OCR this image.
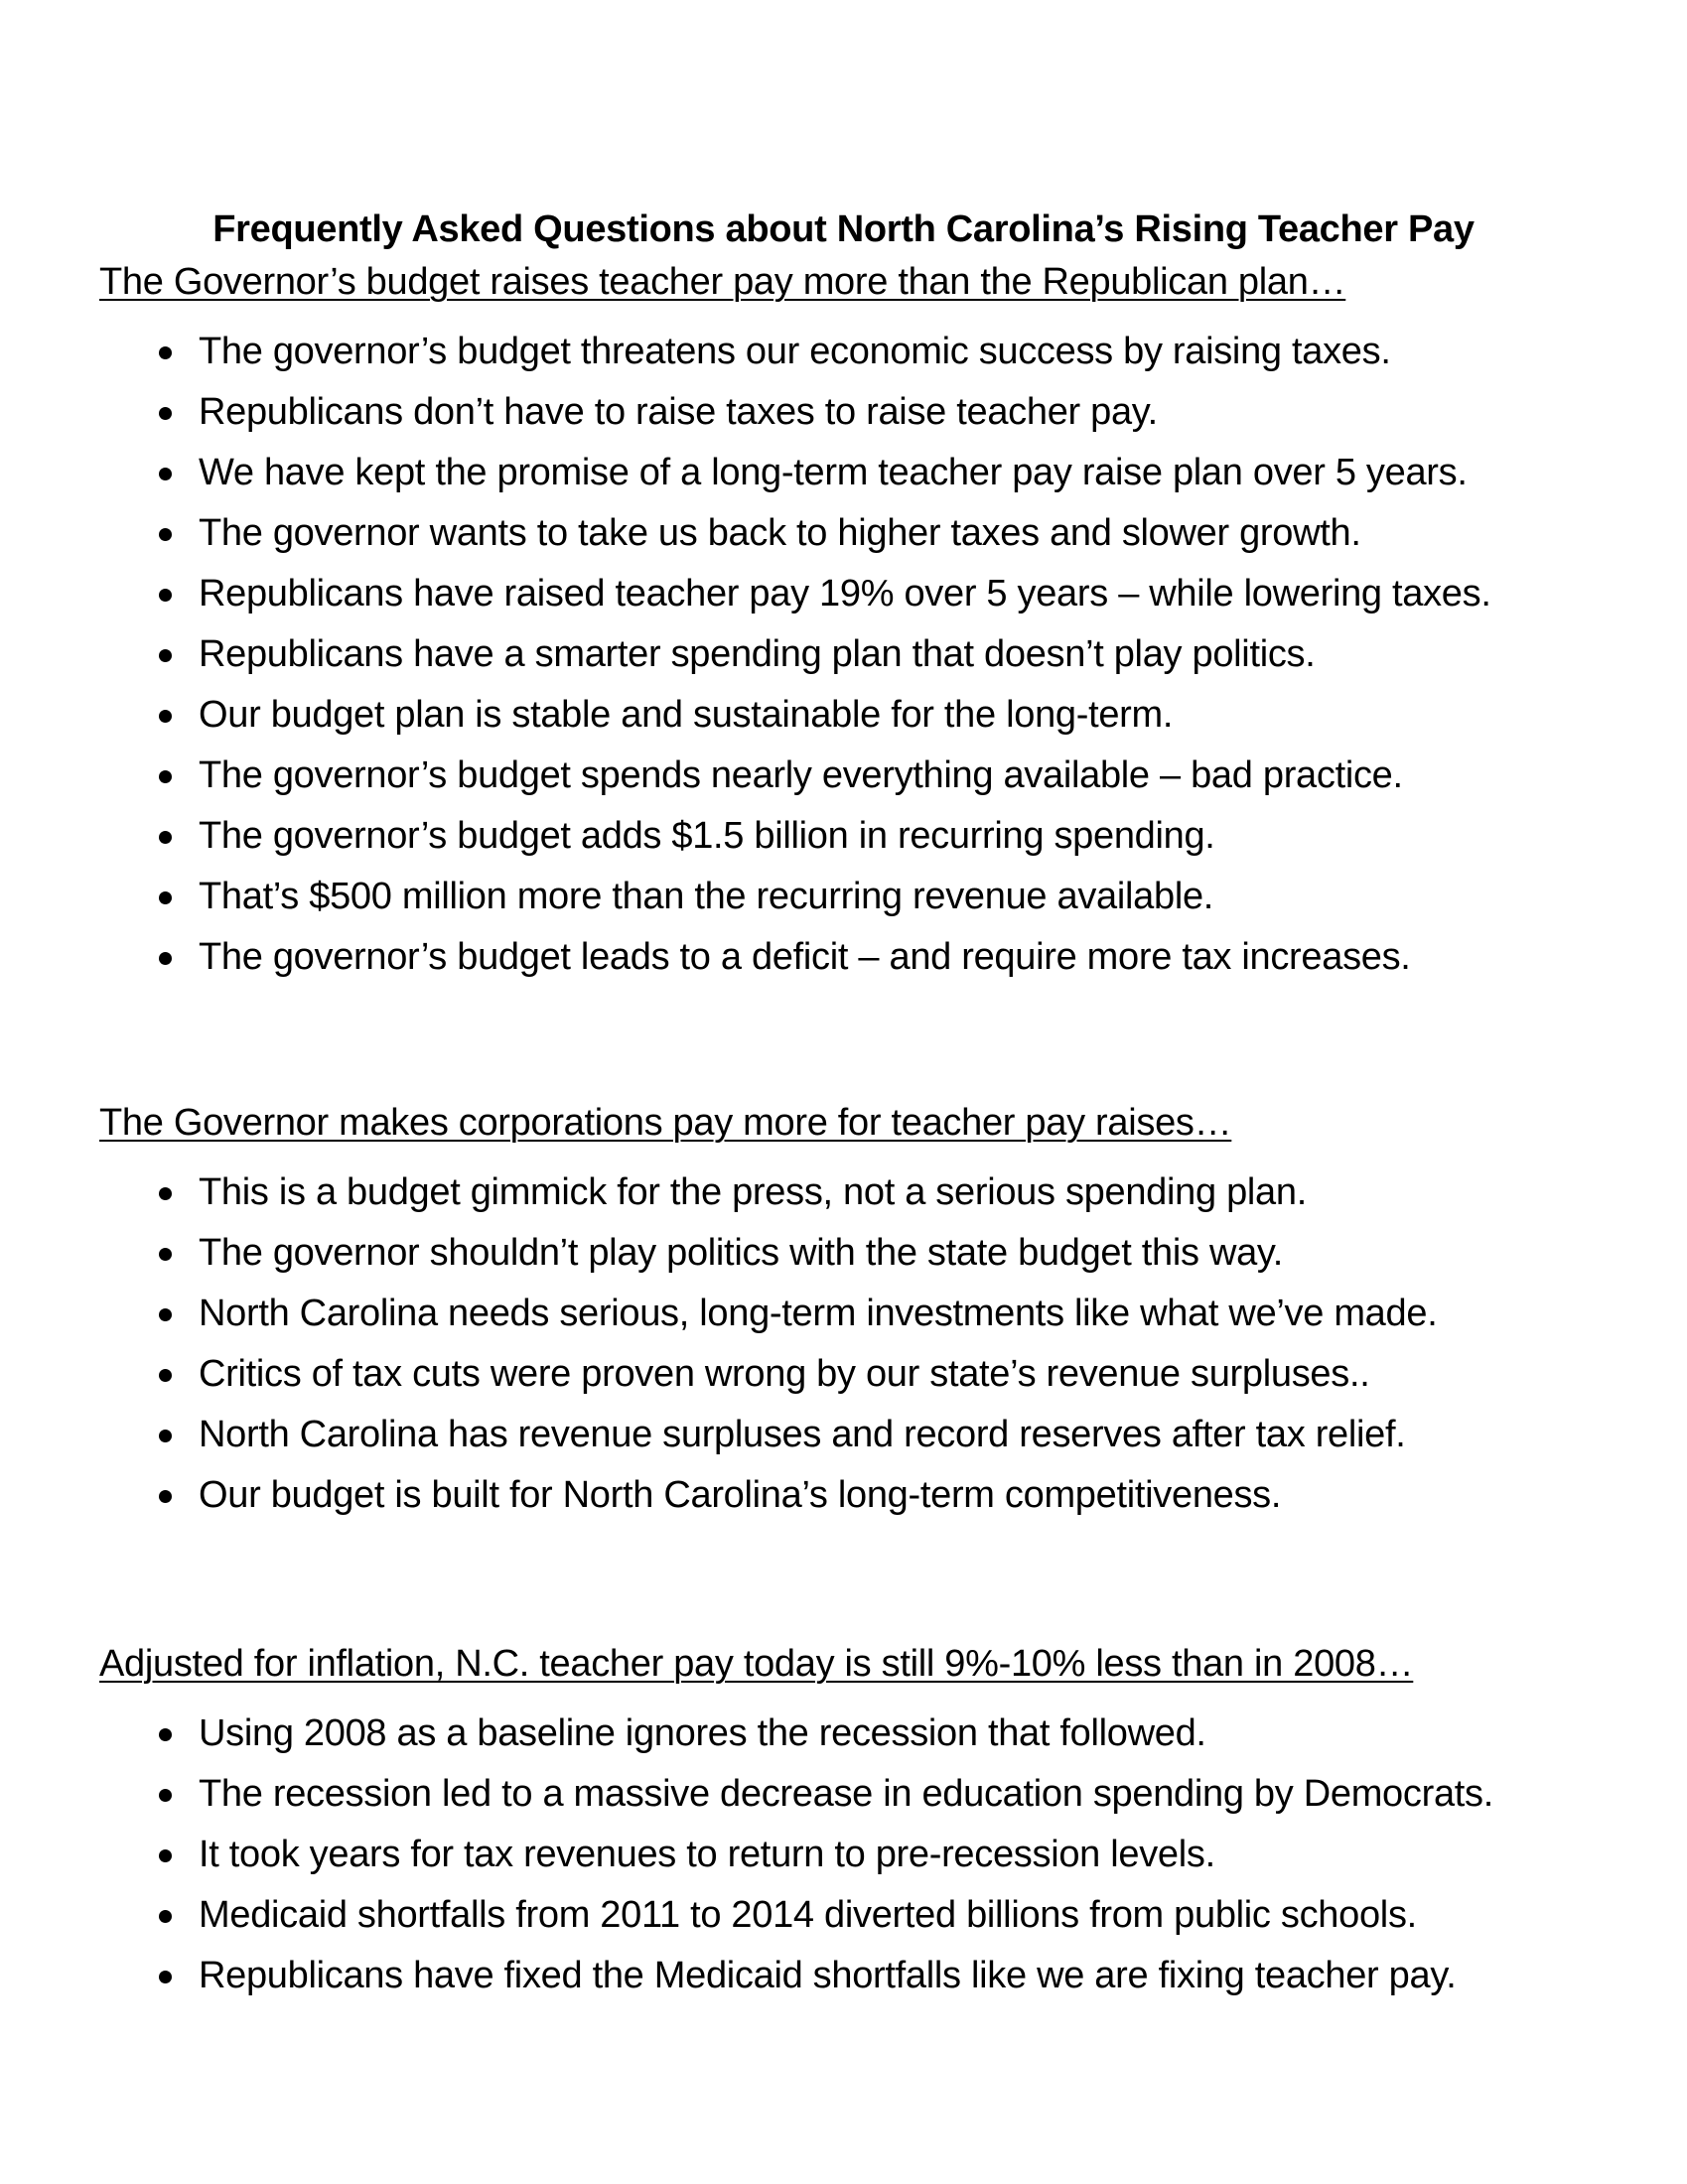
Frequently Asked Questions about North Carolina’s Rising Teacher Pay
The Governor’s budget raises teacher pay more than the Republican plan…
The governor’s budget threatens our economic success by raising taxes.
Republicans don’t have to raise taxes to raise teacher pay.
We have kept the promise of a long-term teacher pay raise plan over 5 years.
The governor wants to take us back to higher taxes and slower growth.
Republicans have raised teacher pay 19% over 5 years – while lowering taxes.
Republicans have a smarter spending plan that doesn’t play politics.
Our budget plan is stable and sustainable for the long-term.
The governor’s budget spends nearly everything available – bad practice.
The governor’s budget adds $1.5 billion in recurring spending.
That’s $500 million more than the recurring revenue available.
The governor’s budget leads to a deficit – and require more tax increases.
The Governor makes corporations pay more for teacher pay raises…
This is a budget gimmick for the press, not a serious spending plan.
The governor shouldn’t play politics with the state budget this way.
North Carolina needs serious, long-term investments like what we’ve made.
Critics of tax cuts were proven wrong by our state’s revenue surpluses..
North Carolina has revenue surpluses and record reserves after tax relief.
Our budget is built for North Carolina’s long-term competitiveness.
Adjusted for inflation, N.C. teacher pay today is still 9%-10% less than in 2008…
Using 2008 as a baseline ignores the recession that followed.
The recession led to a massive decrease in education spending by Democrats.
It took years for tax revenues to return to pre-recession levels.
Medicaid shortfalls from 2011 to 2014 diverted billions from public schools.
Republicans have fixed the Medicaid shortfalls like we are fixing teacher pay.
